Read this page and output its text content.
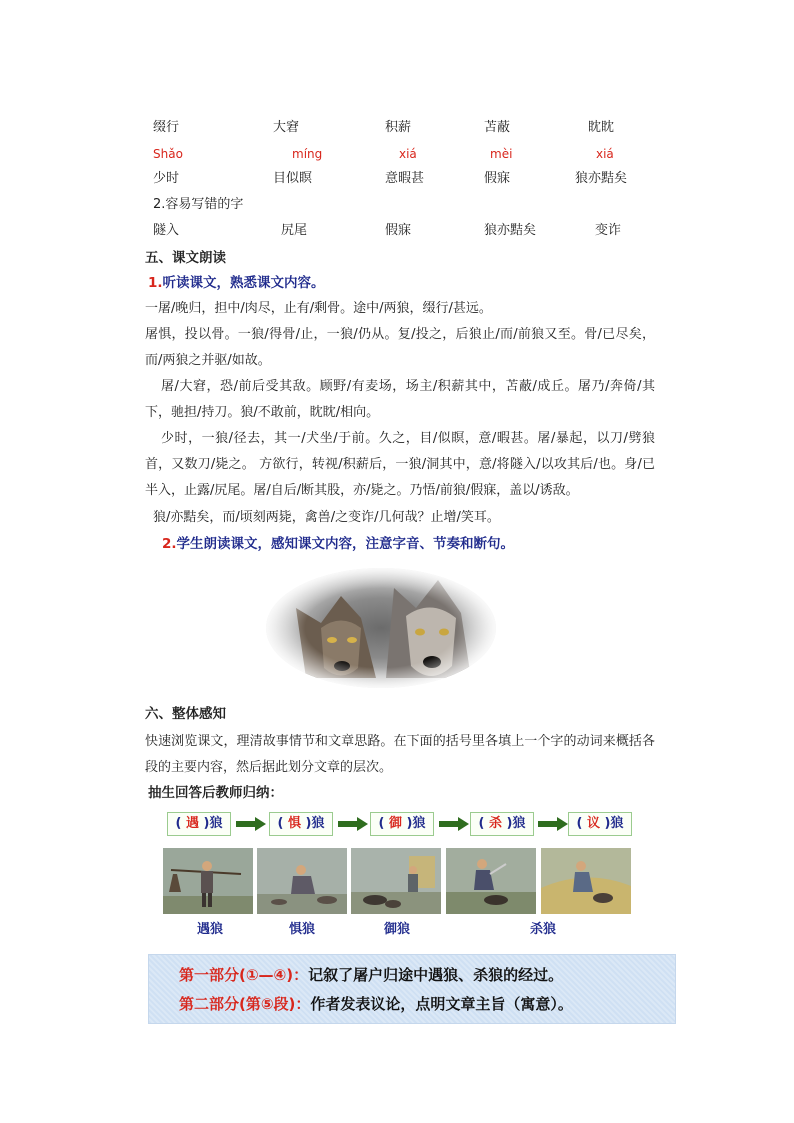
缀行	大窘	积薪	苫蔽	眈眈
Shǎo	míng	xiá	mèi	xiá
少时	目似瞑	意暇甚	假寐	狼亦黠矣
2.容易写错的字
隧入	尻尾	假寐	狼亦黠矣	变诈
五、课文朗读
1.听读课文，熟悉课文内容。
一屠/晚归，担中/肉尽，止有/剩骨。途中/两狼，缀行/甚远。
屠惧，投以骨。一狼/得骨/止，一狼/仍从。复/投之，后狼止/而/前狼又至。骨/已尽矣，而/两狼之并驱/如故。
屠/大窘，恐/前后受其敌。顾野/有麦场，场主/积薪其中，苫蔽/成丘。屠乃/奔倚/其下，驰担/持刀。狼/不敢前，眈眈/相向。
少时，一狼/径去，其一/犬坐/于前。久之，目/似瞑，意/暇甚。屠/暴起，以刀/劈狼首，又数刀/毙之。 方欲行，转视/积薪后，一狼/洞其中，意/将隧入/以攻其后/也。身/已半入，止露/尻尾。屠/自后/断其股，亦/毙之。乃悟/前狼/假寐，盖以/诱敌。
狼/亦黠矣，而/顷刻两毙，禽兽/之变诈/几何哉？止增/笑耳。
2.学生朗读课文，感知课文内容，注意字音、节奏和断句。
六、整体感知
快速浏览课文，理清故事情节和文章思路。在下面的括号里各填上一个字的动词来概括各段的主要内容，然后据此划分文章的层次。
抽生回答后教师归纳：
( 遇 )狼	( 惧 )狼	( 御 )狼	( 杀 )狼	( 议 )狼
遇狼	惧狼	御狼	杀狼
第一部分(①—④)：记叙了屠户归途中遇狼、杀狼的经过。
第二部分(第⑤段)：作者发表议论，点明文章主旨（寓意）。
